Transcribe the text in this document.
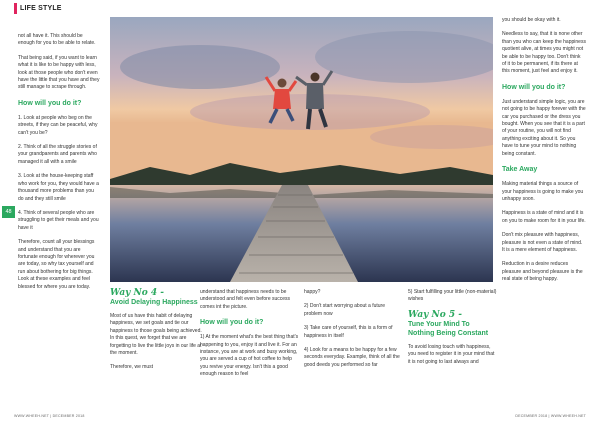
LIFE STYLE
48

not all have it. This should be enough for you to be able to relate.

That being said, if you want to learn what it is like to be happy with less, look at those people who don't even have the little that you have and they still manage to scrape through.

How will you do it?

1. Look at people who beg on the streets, if they can be peaceful, why can't you be?

2. Think of all the struggle stories of your grandparents and parents who managed it all with a smile

3. Look at the house-keeping staff who work for you, they would have a thousand more problems than you do and they still smile

4. Think of several people who are struggling to get their meals and you have it

Therefore, count all your blessings and understand that you are fortunate enough for wherever you are today, so why tax yourself and run about bothering for big things. Look at these examples and feel blessed for where you are today.

Way No 4 -
Avoid Delaying Happiness

Most of us have this habit of delaying happiness, we set goals and tie our happiness to those goals being achieved. In this quest, we forget that we are forgetting to live the little joys in our life at the moment.

Therefore, we must

understand that happiness needs to be understood and felt even before success comes int the picture.

How will you do it?

1) At the moment what's the best thing that's happening to you, enjoy it and live it. For an instance, you are at work and busy working, you are served a cup of hot coffee to help you revive your energy. Isn't this a good enough reason to feel

happy?

2) Don't start worrying about a future problem now

3) Take care of yourself, this is a form of happiness in itself

4) Look for a means to be happy for a few seconds everyday. Example, think of all the good deeds you performed so far

5) Start fulfilling your little (non-material) wishes

Way No 5 -
Tune Your Mind To Nothing Being Constant

To avoid losing touch with happiness, you need to register it in your mind that it is not going to last always and

you should be okay with it.

Needless to say, that it is none other than you who can keep the happiness quotient alive, at times you might not be able to be happy too. Don't think of it to be permanent, if its there at this moment, just feel and enjoy it.

How will you do it?

Just understand simple logic, you are not going to be happy forever with the car you purchased or the dress you bought. When you see that it is a part of your routine, you will not find anything exciting about it. So you have to tune your mind to nothing being constant.

Take Away

Making material things a source of your happiness is going to make you unhappy soon.

Happiness is a state of mind and it is on you to make room for it in your life.

Don't mix pleasure with happiness, pleasure is not even a state of mind. It is a mere element of happiness.

Reduction in a desire reduces pleasure and beyond pleasure is the real state of being happy.

WWW.WHEEH.NET | DECEMBER 2018	DECEMBER 2018 | WWW.WHEEH.NET
